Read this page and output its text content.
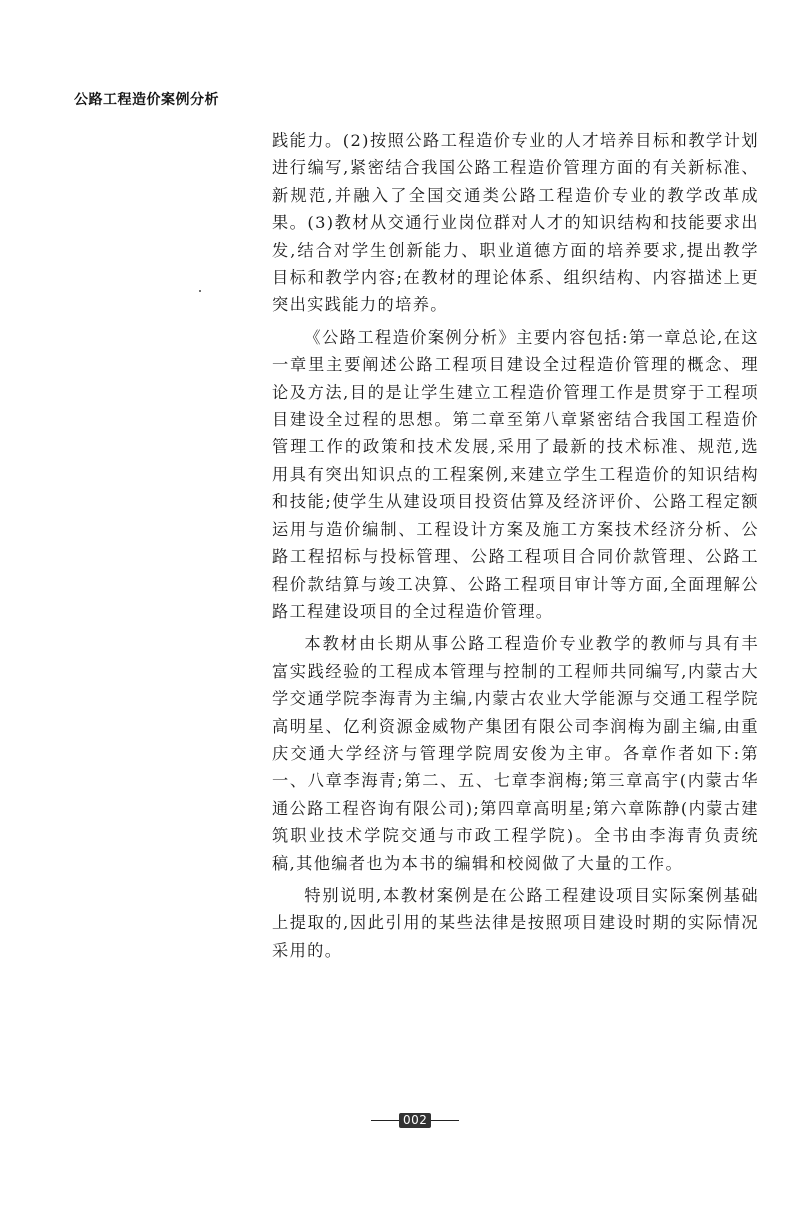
公路工程造价案例分析

践能力。(2)按照公路工程造价专业的人才培养目标和教学计划进行编写,紧密结合我国公路工程造价管理方面的有关新标准、新规范,并融入了全国交通类公路工程造价专业的教学改革成果。(3)教材从交通行业岗位群对人才的知识结构和技能要求出发,结合对学生创新能力、职业道德方面的培养要求,提出教学目标和教学内容;在教材的理论体系、组织结构、内容描述上更突出实践能力的培养。

《公路工程造价案例分析》主要内容包括:第一章总论,在这一章里主要阐述公路工程项目建设全过程造价管理的概念、理论及方法,目的是让学生建立工程造价管理工作是贯穿于工程项目建设全过程的思想。第二章至第八章紧密结合我国工程造价管理工作的政策和技术发展,采用了最新的技术标准、规范,选用具有突出知识点的工程案例,来建立学生工程造价的知识结构和技能;使学生从建设项目投资估算及经济评价、公路工程定额运用与造价编制、工程设计方案及施工方案技术经济分析、公路工程招标与投标管理、公路工程项目合同价款管理、公路工程价款结算与竣工决算、公路工程项目审计等方面,全面理解公路工程建设项目的全过程造价管理。

本教材由长期从事公路工程造价专业教学的教师与具有丰富实践经验的工程成本管理与控制的工程师共同编写,内蒙古大学交通学院李海青为主编,内蒙古农业大学能源与交通工程学院高明星、亿利资源金威物产集团有限公司李润梅为副主编,由重庆交通大学经济与管理学院周安俊为主审。各章作者如下:第一、八章李海青;第二、五、七章李润梅;第三章高宇(内蒙古华通公路工程咨询有限公司);第四章高明星;第六章陈静(内蒙古建筑职业技术学院交通与市政工程学院)。全书由李海青负责统稿,其他编者也为本书的编辑和校阅做了大量的工作。

特别说明,本教材案例是在公路工程建设项目实际案例基础上提取的,因此引用的某些法律是按照项目建设时期的实际情况采用的。

002
